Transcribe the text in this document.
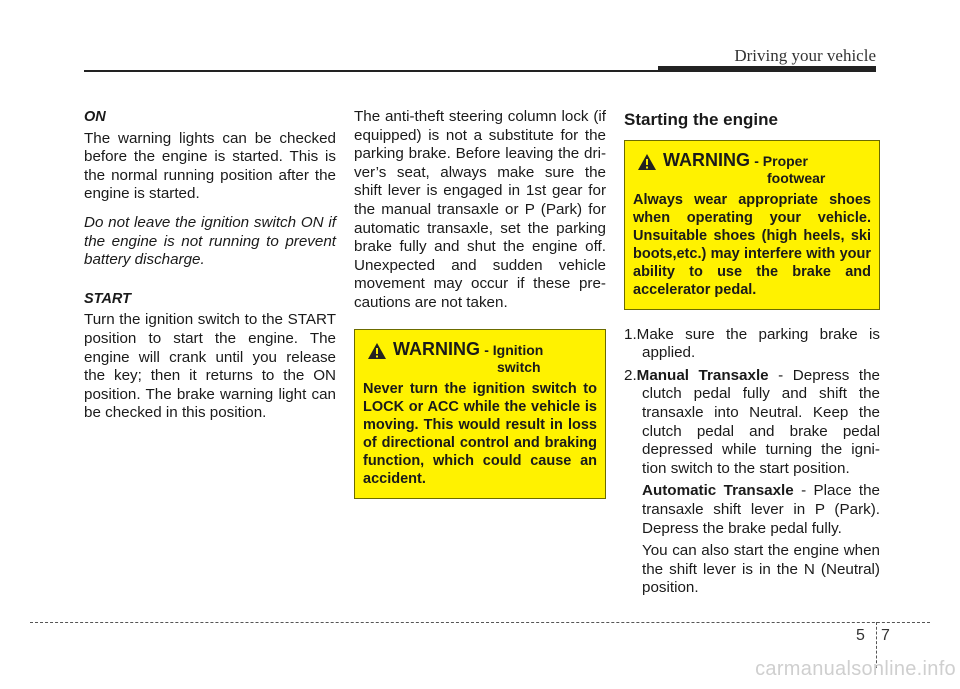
Driving your vehicle
ON

The warning lights can be checked before the engine is started. This is the normal running position after the engine is started.

Do not leave the ignition switch ON if the engine is not running to prevent battery discharge.

START

Turn the ignition switch to the START position to start the engine. The engine will crank until you release the key; then it returns to the ON position. The brake warning light can be checked in this position.

The anti-theft steering column lock (if equipped) is not a substitute for the parking brake. Before leaving the dri-ver’s seat, always make sure the shift lever is engaged in 1st gear for the manual transaxle or P (Park) for automatic transaxle, set the parking brake fully and shut the engine off. Unexpected and sudden vehicle movement may occur if these pre-cautions are not taken.

WARNING - Ignition
switch

Never turn the ignition switch to LOCK or ACC while the vehicle is moving. This would result in loss of directional control and braking function, which could cause an accident.

Starting the engine
WARNING - Proper
footwear

Always wear appropriate shoes when operating your vehicle. Unsuitable shoes (high heels, ski boots,etc.) may interfere with your ability to use the brake and accelerator pedal.

1.Make sure the parking brake is applied.

2.Manual Transaxle - Depress the clutch pedal fully and shift the transaxle into Neutral. Keep the clutch pedal and brake pedal depressed while turning the igni-tion switch to the start position.

Automatic Transaxle - Place the transaxle shift lever in P (Park). Depress the brake pedal fully.

You can also start the engine when the shift lever is in the N (Neutral) position.

5 7
carmanualsonline.info
